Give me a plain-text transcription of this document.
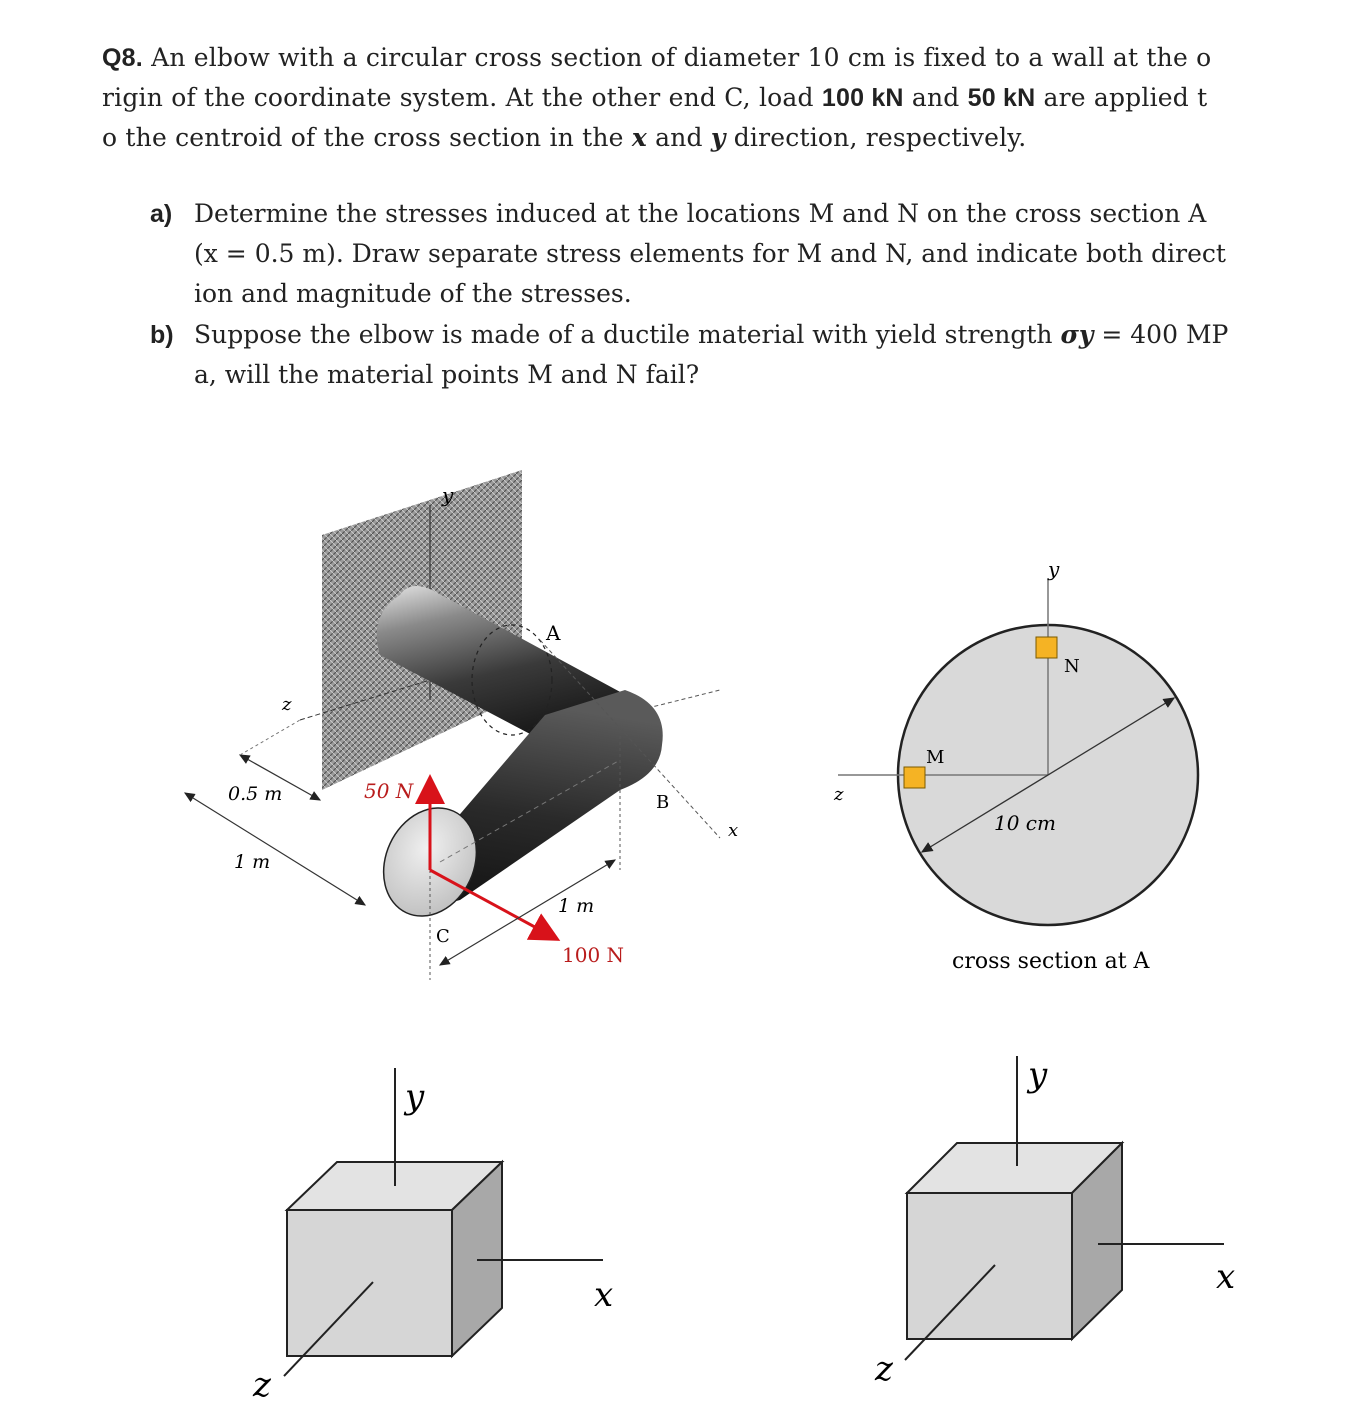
Q8. An elbow with a circular cross section of diameter 10 cm is fixed to a wall at the o
rigin of the coordinate system. At the other end C, load 100 kN and 50 kN are applied t
o the centroid of the cross section in the x and y direction, respectively.
a) Determine the stresses induced at the locations M and N on the cross section A
(x = 0.5 m). Draw separate stress elements for M and N, and indicate both direct
ion and magnitude of the stresses.
b) Suppose the elbow is made of a ductile material with yield strength σy = 400 MP
a, will the material points M and N fail?
y
z
x
A
B
C
50 N
100 N
0.5 m
1 m
1 m
y
z
N
M
10 cm
cross section at A
y
x
z
y
x
z
